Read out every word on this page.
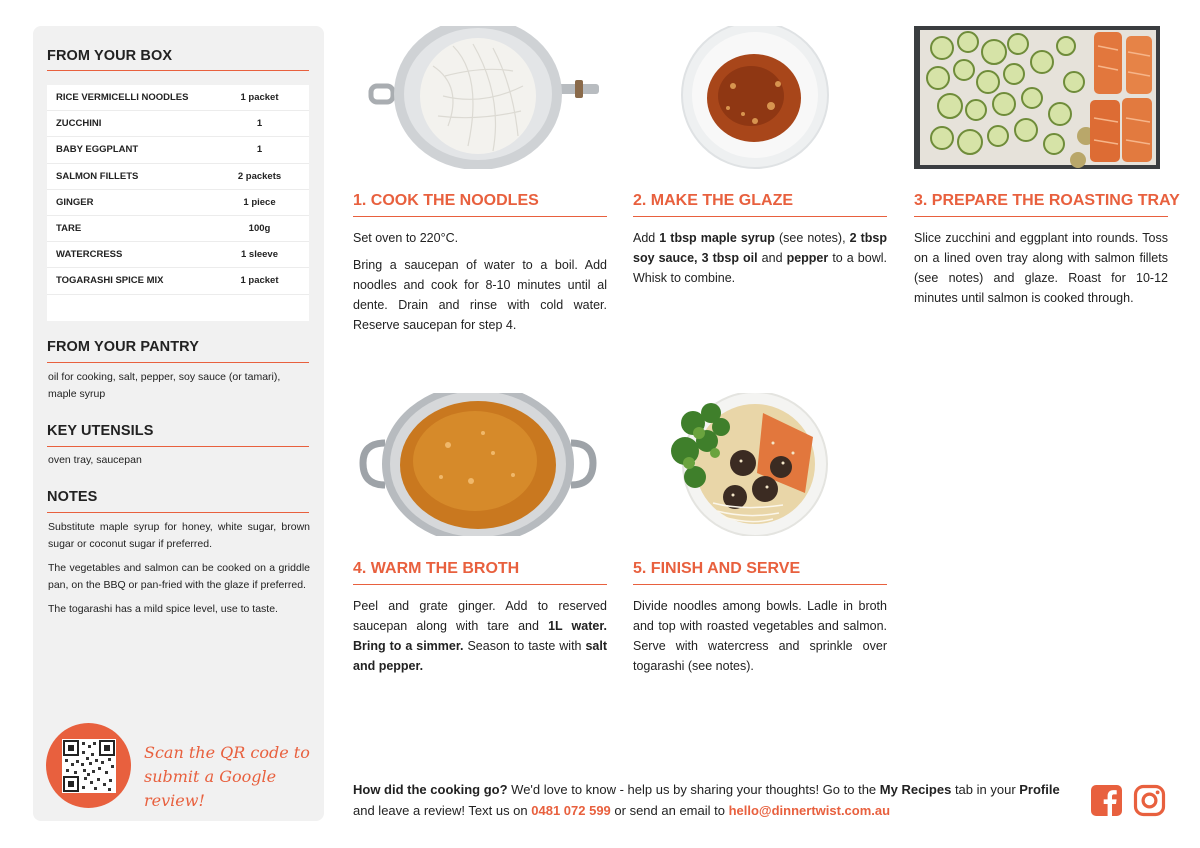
FROM YOUR BOX
RICE VERMICELLI NOODLES	1 packet
ZUCCHINI	1
BABY EGGPLANT	1
SALMON FILLETS	2 packets
GINGER	1 piece
TARE	100g
WATERCRESS	1 sleeve
TOGARASHI SPICE MIX	1 packet
FROM YOUR PANTRY
oil for cooking, salt, pepper, soy sauce (or tamari), maple syrup
KEY UTENSILS
oven tray, saucepan
NOTES

Substitute maple syrup for honey, white sugar, brown sugar or coconut sugar if preferred.

The vegetables and salmon can be cooked on a griddle pan, on the BBQ or pan-fried with the glaze if preferred.

The togarashi has a mild spice level, use to taste.

Scan the QR code to
submit a Google review!
1. COOK THE NOODLES

Set oven to 220°C.

Bring a saucepan of water to a boil. Add noodles and cook for 8-10 minutes until al dente. Drain and rinse with cold water. Reserve saucepan for step 4.

2. MAKE THE GLAZE

Add 1 tbsp maple syrup (see notes), 2 tbsp soy sauce, 3 tbsp oil and pepper to a bowl. Whisk to combine.

3. PREPARE THE ROASTING TRAY

Slice zucchini and eggplant into rounds. Toss on a lined oven tray along with salmon fillets (see notes) and glaze. Roast for 10-12 minutes until salmon is cooked through.

4. WARM THE BROTH

Peel and grate ginger. Add to reserved saucepan along with tare and 1L water. Bring to a simmer. Season to taste with salt and pepper.

5. FINISH AND SERVE

Divide noodles among bowls. Ladle in broth and top with roasted vegetables and salmon. Serve with watercress and sprinkle over togarashi (see notes).

How did the cooking go? We'd love to know - help us by sharing your thoughts! Go to the My Recipes tab in your Profile and leave a review! Text us on 0481 072 599 or send an email to hello@dinnertwist.com.au
